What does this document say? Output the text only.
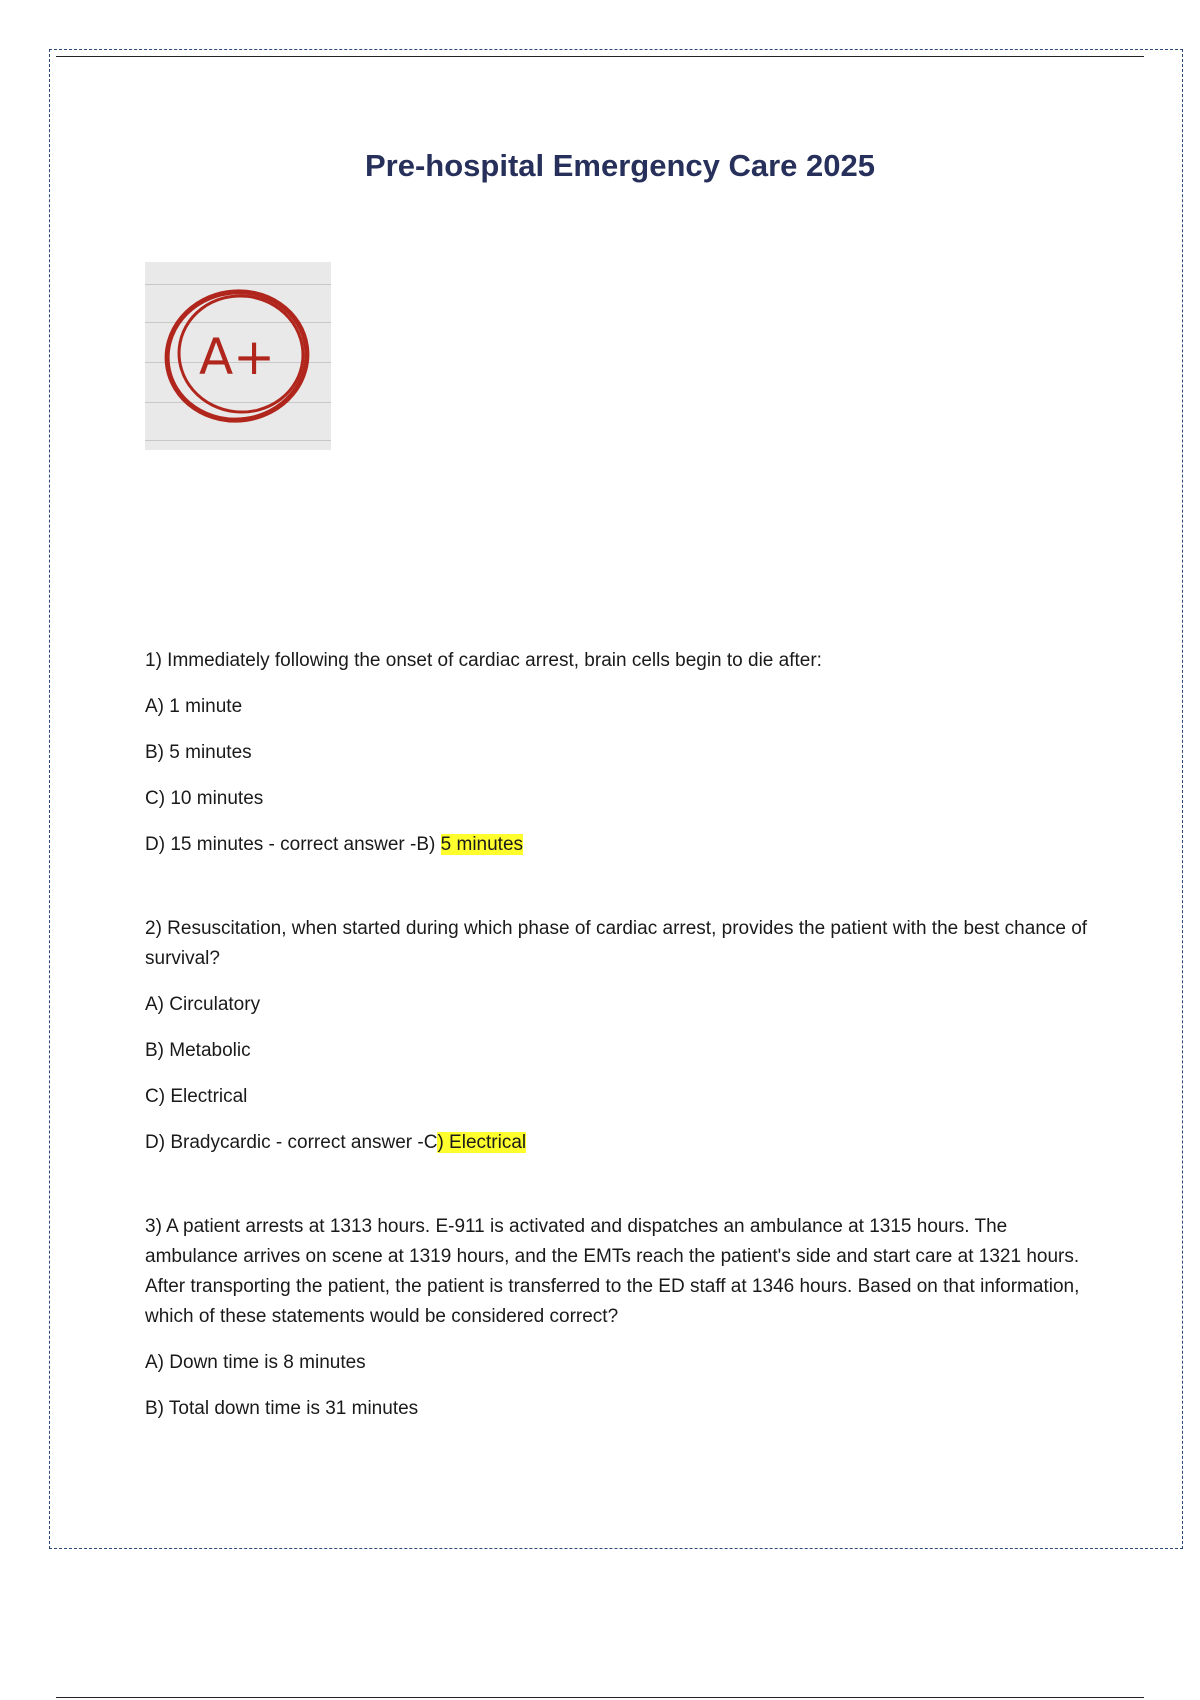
Pre-hospital Emergency Care 2025
A+
1) Immediately following the onset of cardiac arrest, brain cells begin to die after:
A) 1 minute
B) 5 minutes
C) 10 minutes
D) 15 minutes - correct answer -B) 5 minutes
2) Resuscitation, when started during which phase of cardiac arrest, provides the patient with the best chance of survival?
A) Circulatory
B) Metabolic
C) Electrical
D) Bradycardic - correct answer -C) Electrical
3) A patient arrests at 1313 hours. E-911 is activated and dispatches an ambulance at 1315 hours. The ambulance arrives on scene at 1319 hours, and the EMTs reach the patient's side and start care at 1321 hours. After transporting the patient, the patient is transferred to the ED staff at 1346 hours. Based on that information, which of these statements would be considered correct?
A) Down time is 8 minutes
B) Total down time is 31 minutes
